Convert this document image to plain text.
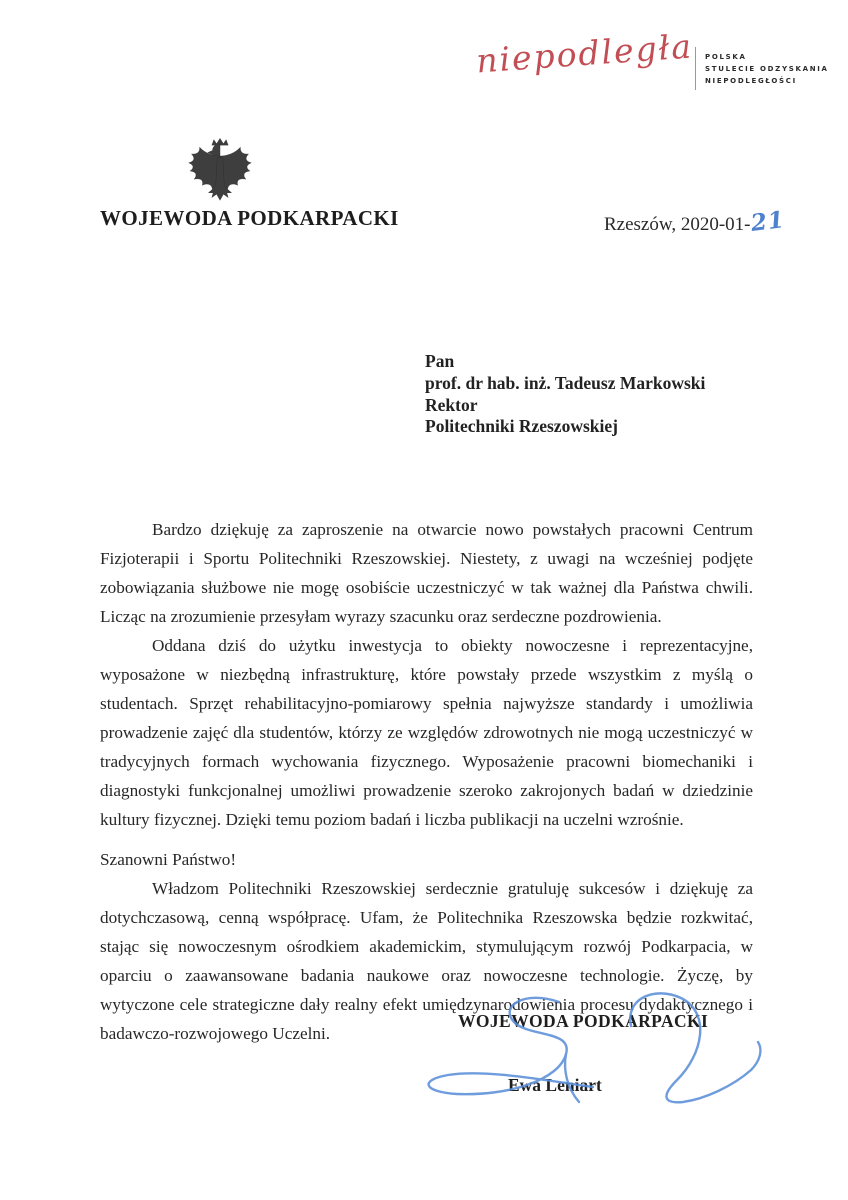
niepodległa POLSKA
STULECIE ODZYSKANIA
NIEPODLEGŁOŚCI
WOJEWODA PODKARPACKI	Rzeszów, 2020-01-21
Pan
prof. dr hab. inż. Tadeusz Markowski
Rektor
Politechniki Rzeszowskiej

Bardzo dziękuję za zaproszenie na otwarcie nowo powstałych pracowni Centrum Fizjoterapii i Sportu Politechniki Rzeszowskiej. Niestety, z uwagi na wcześniej podjęte zobowiązania służbowe nie mogę osobiście uczestniczyć w tak ważnej dla Państwa chwili. Licząc na zrozumienie przesyłam wyrazy szacunku oraz serdeczne pozdrowienia.

Oddana dziś do użytku inwestycja to obiekty nowoczesne i reprezentacyjne, wyposażone w niezbędną infrastrukturę, które powstały przede wszystkim z myślą o studentach. Sprzęt rehabilitacyjno-pomiarowy spełnia najwyższe standardy i umożliwia prowadzenie zajęć dla studentów, którzy ze względów zdrowotnych nie mogą uczestniczyć w tradycyjnych formach wychowania fizycznego. Wyposażenie pracowni biomechaniki i diagnostyki funkcjonalnej umożliwi prowadzenie szeroko zakrojonych badań w dziedzinie kultury fizycznej. Dzięki temu poziom badań i liczba publikacji na uczelni wzrośnie.

Szanowni Państwo!

Władzom Politechniki Rzeszowskiej serdecznie gratuluję sukcesów i dziękuję za dotychczasową, cenną współpracę. Ufam, że Politechnika Rzeszowska będzie rozkwitać, stając się nowoczesnym ośrodkiem akademickim, stymulującym rozwój Podkarpacia, w oparciu o zaawansowane badania naukowe oraz nowoczesne technologie. Życzę, by wytyczone cele strategiczne dały realny efekt umiędzynarodowienia procesu dydaktycznego i badawczo-rozwojowego Uczelni.

WOJEWODA PODKARPACKI
Ewa Leniart
